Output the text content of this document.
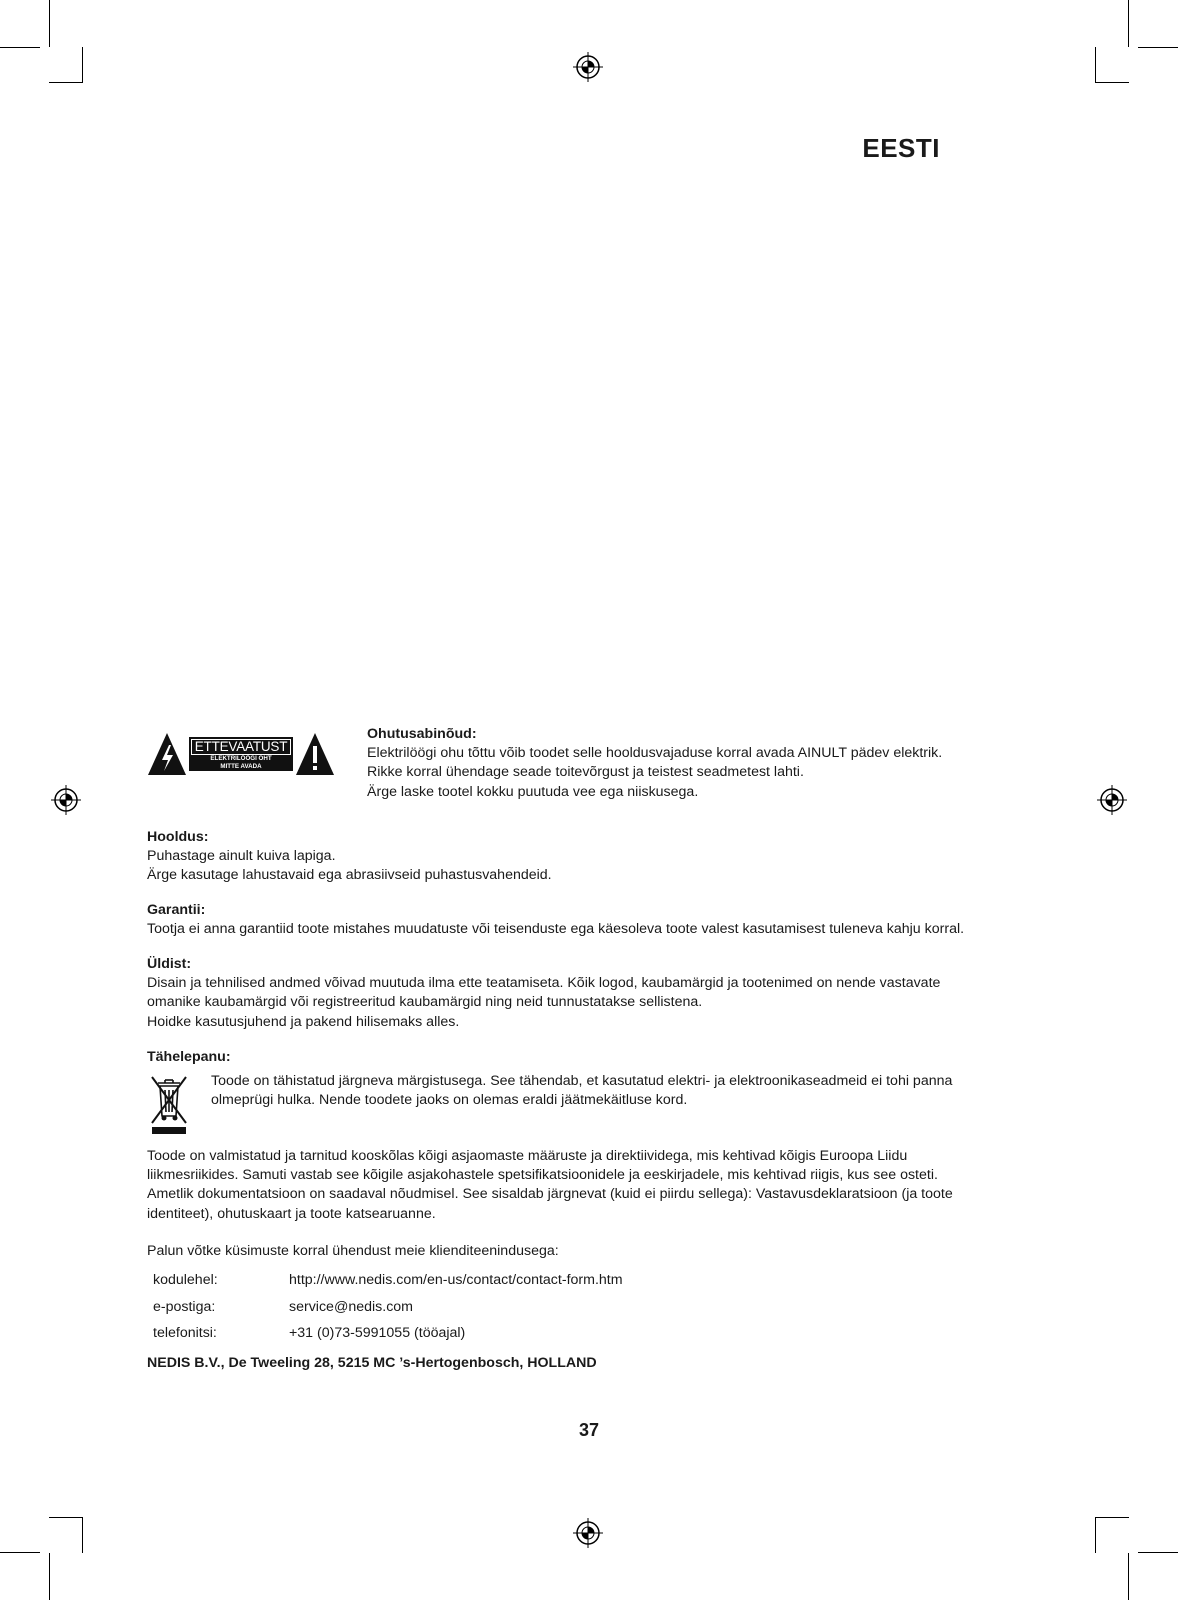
EESTI
ETTEVAATUST
ELEKTRILÖÖGI OHT
MITTE AVADA
Ohutusabinõud:
Elektrilöögi ohu tõttu võib toodet selle hooldusvajaduse korral avada AINULT pädev elektrik.
Rikke korral ühendage seade toitevõrgust ja teistest seadmetest lahti.
Ärge laske tootel kokku puutuda vee ega niiskusega.
Hooldus:
Puhastage ainult kuiva lapiga.
Ärge kasutage lahustavaid ega abrasiivseid puhastusvahendeid.
Garantii:
Tootja ei anna garantiid toote mistahes muudatuste või teisenduste ega käesoleva toote valest kasutamisest tuleneva kahju korral.
Üldist:
Disain ja tehnilised andmed võivad muutuda ilma ette teatamiseta. Kõik logod, kaubamärgid ja tootenimed on nende vastavate
omanike kaubamärgid või registreeritud kaubamärgid ning neid tunnustatakse sellistena.
Hoidke kasutusjuhend ja pakend hilisemaks alles.
Tähelepanu:
Toode on tähistatud järgneva märgistusega. See tähendab, et kasutatud elektri- ja elektroonikaseadmeid ei tohi panna
olmeprügi hulka. Nende toodete jaoks on olemas eraldi jäätmekäitluse kord.
Toode on valmistatud ja tarnitud kooskõlas kõigi asjaomaste määruste ja direktiividega, mis kehtivad kõigis Euroopa Liidu
liikmesriikides. Samuti vastab see kõigile asjakohastele spetsifikatsioonidele ja eeskirjadele, mis kehtivad riigis, kus see osteti.
Ametlik dokumentatsioon on saadaval nõudmisel. See sisaldab järgnevat (kuid ei piirdu sellega): Vastavusdeklaratsioon (ja toote
identiteet), ohutuskaart ja toote katsearuanne.
Palun võtke küsimuste korral ühendust meie klienditeenindusega:
kodulehel:	http://www.nedis.com/en-us/contact/contact-form.htm
e-postiga:	service@nedis.com
telefonitsi:	+31 (0)73-5991055 (tööajal)
NEDIS B.V., De Tweeling 28, 5215 MC ’s-Hertogenbosch, HOLLAND
37
